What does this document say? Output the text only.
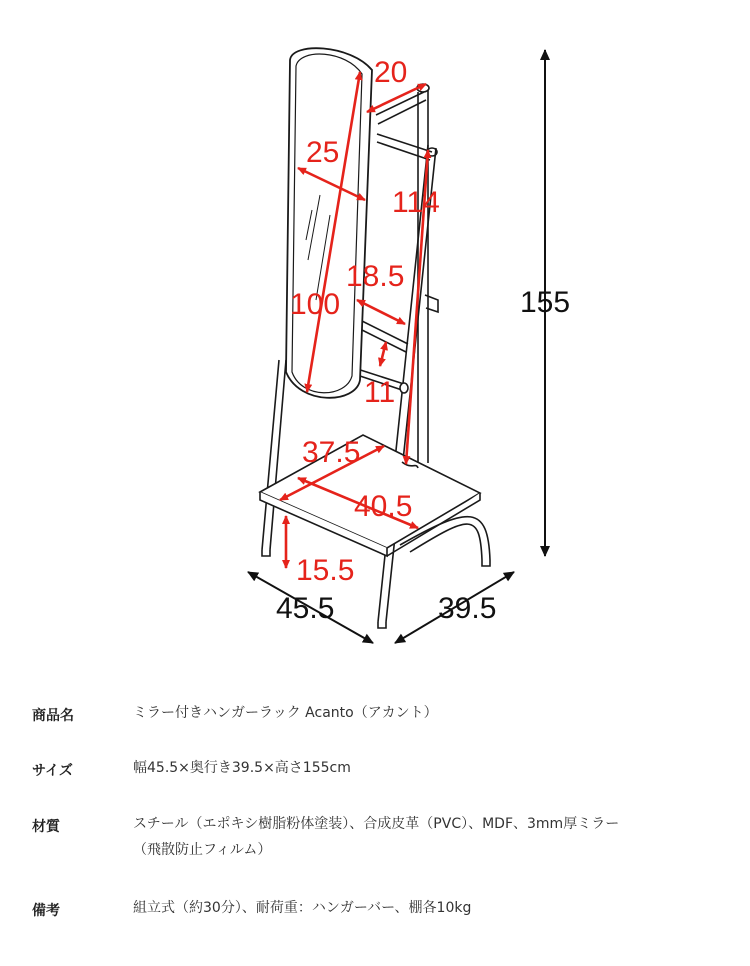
20
25
114
18.5
100
11
37.5
40.5
15.5
155
45.5	39.5
商品名	ミラー付きハンガーラック Acanto（アカント）
サイズ	幅45.5×奥行き39.5×高さ155cm
材質	スチール（エポキシ樹脂粉体塗装）、合成皮革（PVC）、MDF、3mm厚ミラー
（飛散防止フィルム）
備考	組立式（約30分）、耐荷重：ハンガーバー、棚各10kg
